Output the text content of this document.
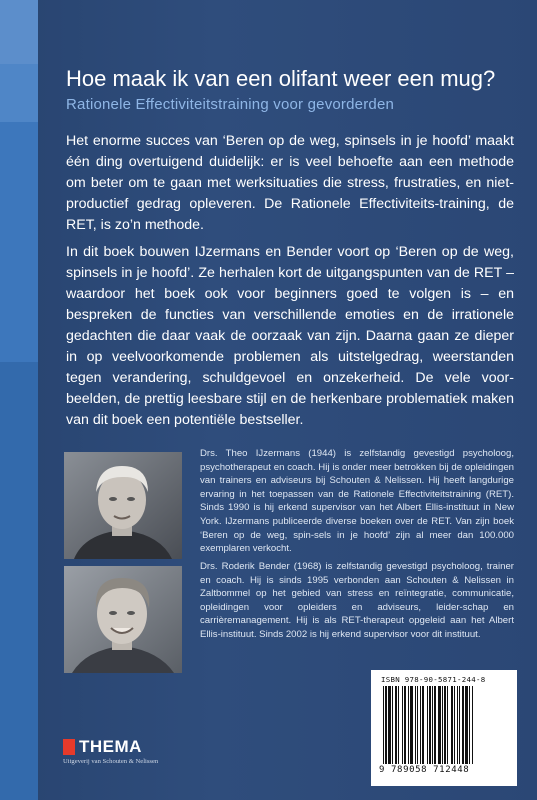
Hoe maak ik van een olifant weer een mug?
Rationele Effectiviteitstraining voor gevorderden
Het enorme succes van ‘Beren op de weg, spinsels in je hoofd’ maakt één ding overtuigend duidelijk: er is veel behoefte aan een methode om beter om te gaan met werksituaties die stress, frustraties, en niet-productief gedrag opleveren. De Rationele Effectiviteits-training, de RET, is zo’n methode.
In dit boek bouwen IJzermans en Bender voort op ‘Beren op de weg, spinsels in je hoofd’. Ze herhalen kort de uitgangspunten van de RET – waardoor het boek ook voor beginners goed te volgen is – en bespreken de functies van verschillende emoties en de irrationele gedachten die daar vaak de oorzaak van zijn. Daarna gaan ze dieper in op veelvoorkomende problemen als uitstelgedrag, weerstanden tegen verandering, schuldgevoel en onzekerheid. De vele voor-beelden, de prettig leesbare stijl en de herkenbare problematiek maken van dit boek een potentiële bestseller.
Drs. Theo IJzermans (1944) is zelfstandig gevestigd psycholoog, psychotherapeut en coach. Hij is onder meer betrokken bij de opleidingen van trainers en adviseurs bij Schouten & Nelissen. Hij heeft langdurige ervaring in het toepassen van de Rationele Effectiviteitstraining (RET). Sinds 1990 is hij erkend supervisor van het Albert Ellis-instituut in New York. IJzermans publiceerde diverse boeken over de RET. Van zijn boek ‘Beren op de weg, spin-sels in je hoofd’ zijn al meer dan 100.000 exemplaren verkocht.
Drs. Roderik Bender (1968) is zelfstandig gevestigd psycholoog, trainer en coach. Hij is sinds 1995 verbonden aan Schouten & Nelissen in Zaltbommel op het gebied van stress en reïntegratie, communicatie, opleidingen voor opleiders en adviseurs, leider-schap en carrièremanagement. Hij is als RET-therapeut opgeleid aan het Albert Ellis-instituut. Sinds 2002 is hij erkend supervisor voor dit instituut.
ISBN 978-90-5871-244-8
9 789058 712448
THEMA
Uitgeverij van Schouten & Nelissen
